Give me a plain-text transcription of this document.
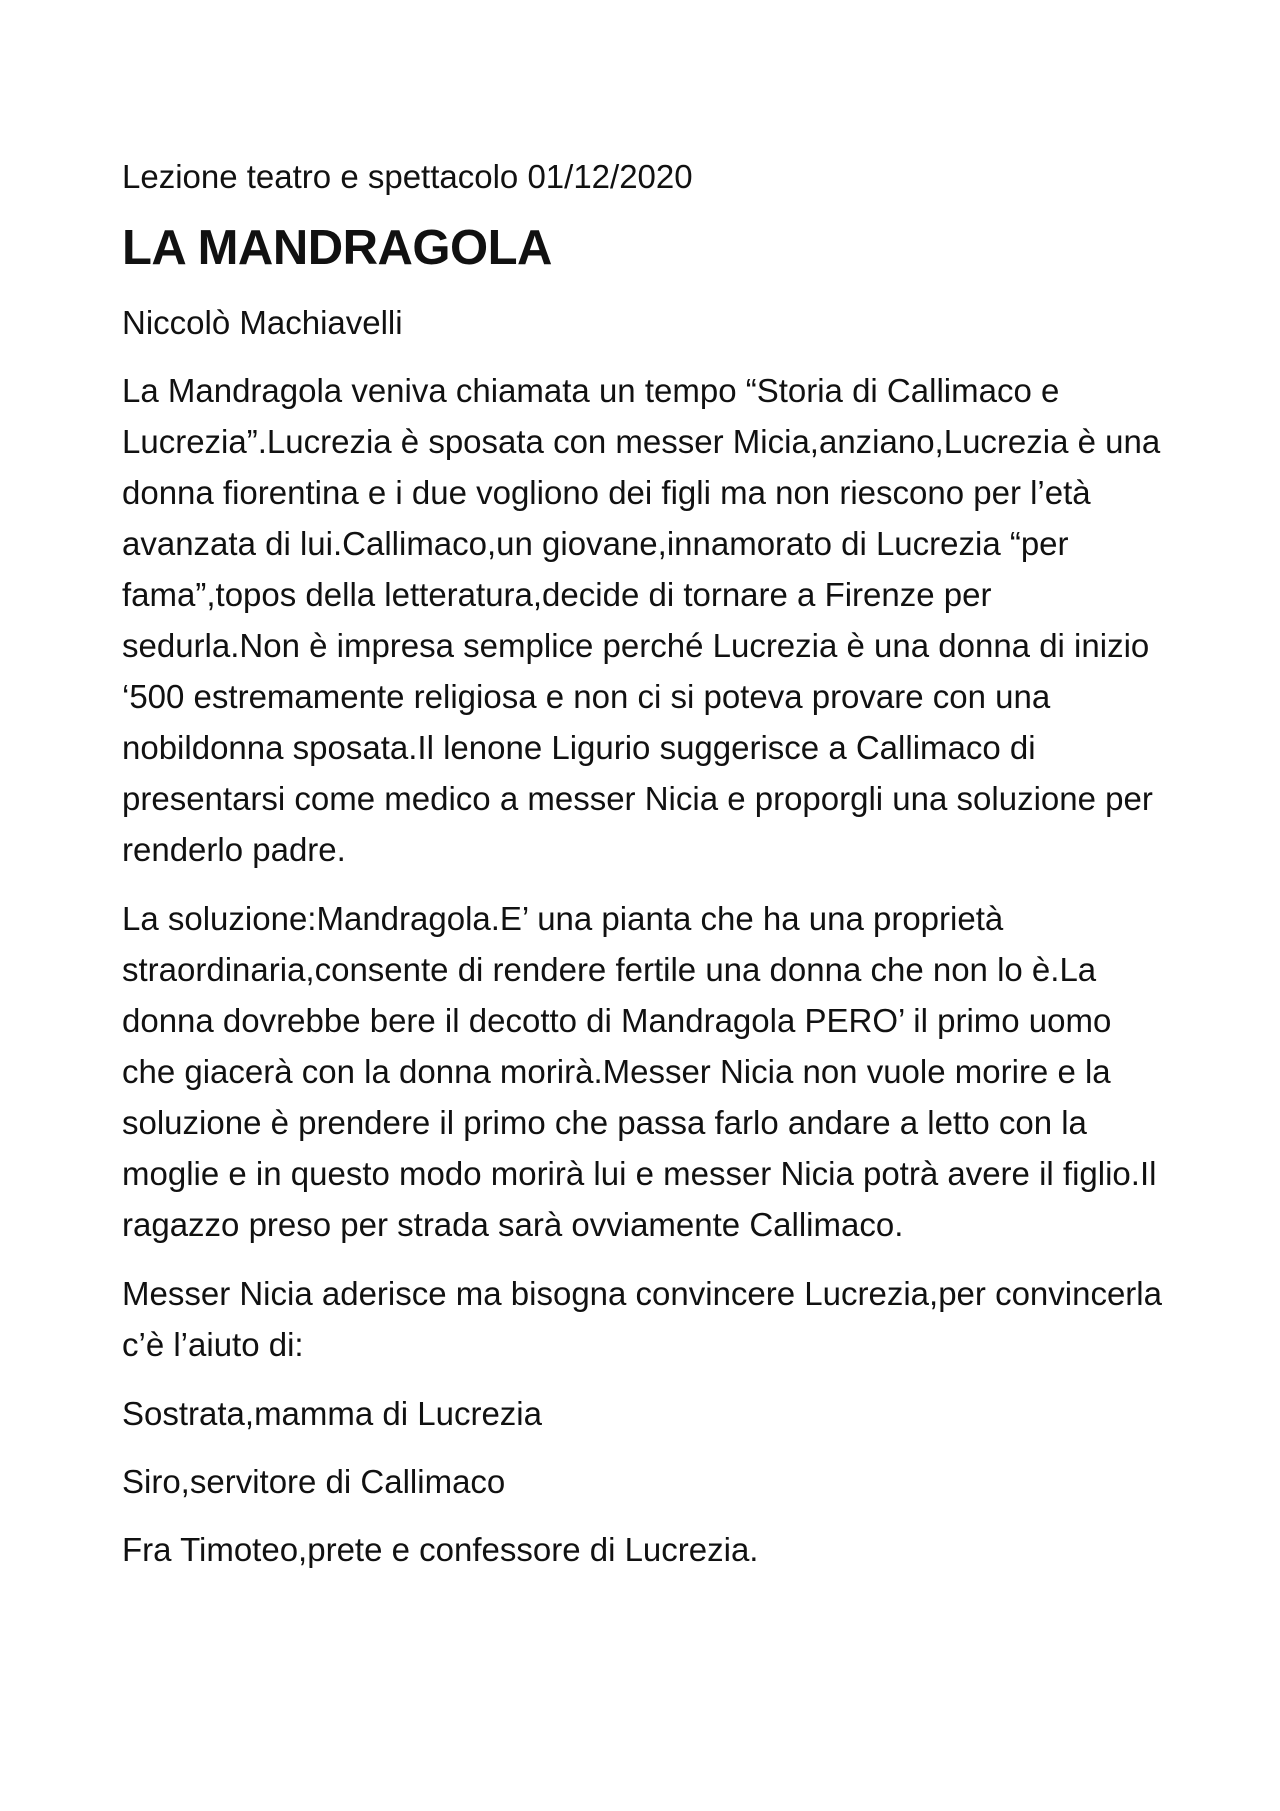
Lezione teatro e spettacolo 01/12/2020
LA MANDRAGOLA
Niccolò Machiavelli
La Mandragola veniva chiamata un tempo “Storia di Callimaco e Lucrezia”.Lucrezia è sposata con messer Micia,anziano,Lucrezia è una donna fiorentina e i due vogliono dei figli ma non riescono per l’età avanzata di lui.Callimaco,un giovane,innamorato di Lucrezia “per fama”,topos della letteratura,decide di tornare a Firenze per sedurla.Non è impresa semplice perché Lucrezia è una donna di inizio ‘500 estremamente religiosa e non ci si poteva provare con una nobildonna sposata.Il lenone Ligurio suggerisce a Callimaco di presentarsi come medico a messer Nicia e proporgli una soluzione per renderlo padre.
La soluzione:Mandragola.E’ una pianta che ha una proprietà straordinaria,consente di rendere fertile una donna che non lo è.La donna dovrebbe bere il decotto di Mandragola PERO’ il primo uomo che giacerà con la donna morirà.Messer Nicia non vuole morire e la soluzione è prendere il primo che passa farlo andare a letto con la moglie e in questo modo morirà lui e messer Nicia potrà avere il figlio.Il ragazzo preso per strada sarà ovviamente Callimaco.
Messer Nicia aderisce ma bisogna convincere Lucrezia,per convincerla c’è l’aiuto di:
Sostrata,mamma di Lucrezia
Siro,servitore di Callimaco
Fra Timoteo,prete e confessore di Lucrezia.
